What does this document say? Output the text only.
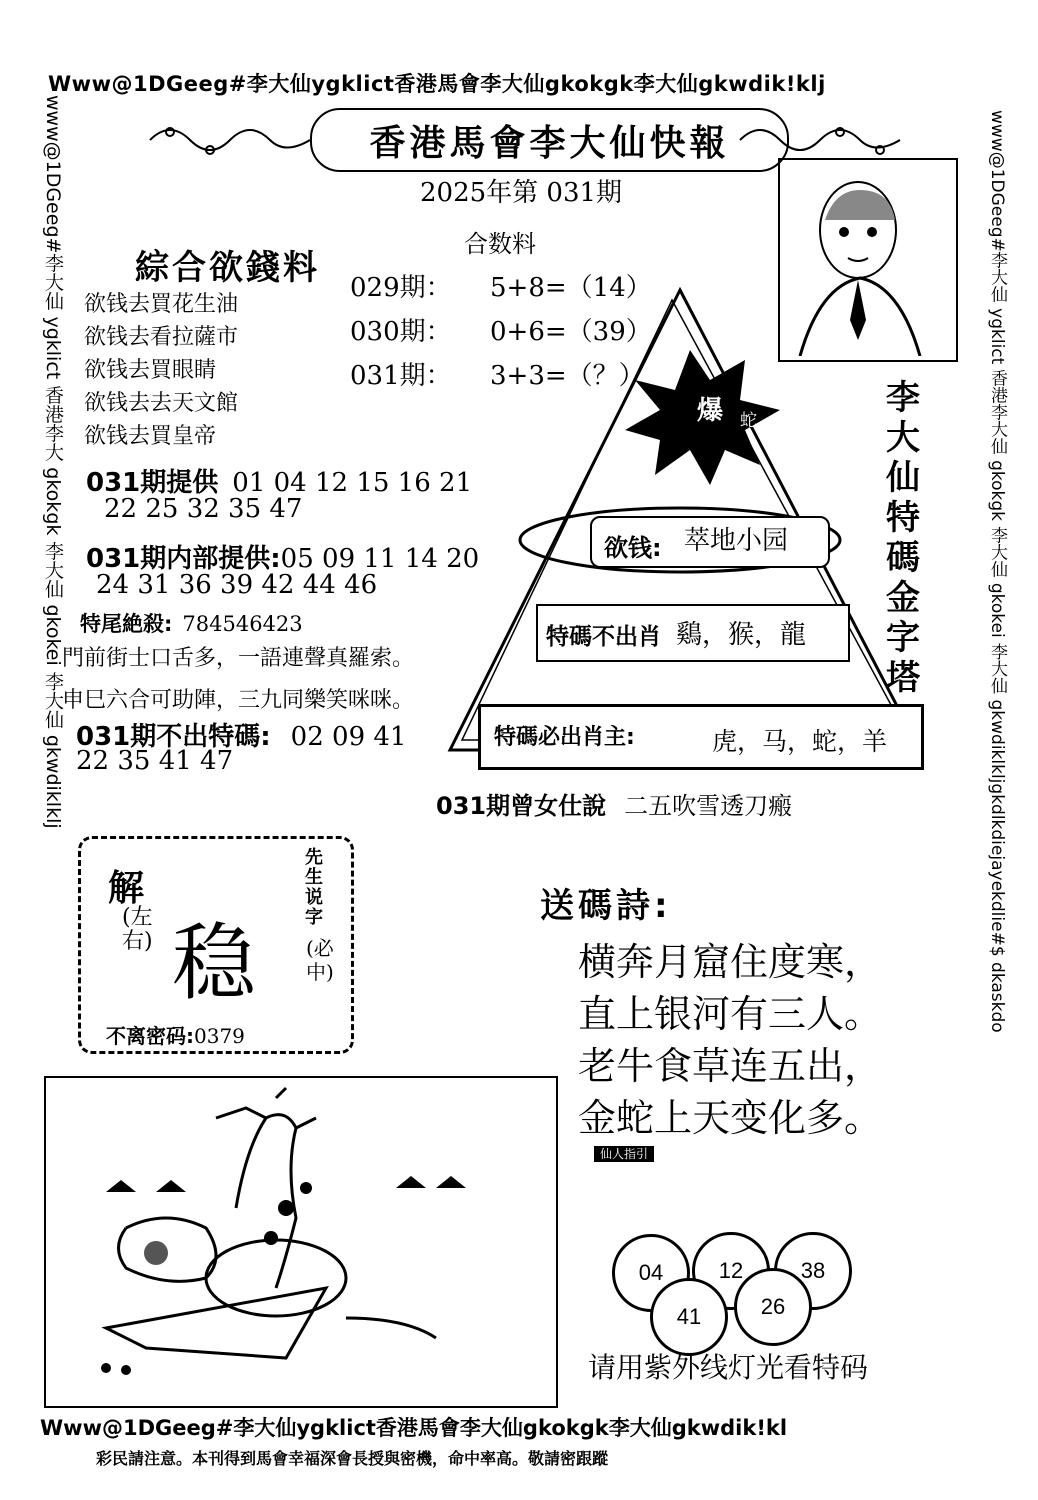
Www@1DGeeg#李大仙ygklict香港馬會李大仙gkokgk李大仙gkwdik!klj
www@1DGeeg#李大仙 ygklict 香港李大 gkokgk 李大仙 gkokei 李大仙 gkwdiklklj	www@1DGeeg#李大仙 ygklict 香港李大仙 gkokgk 李大仙 gkokei 李大仙 gkwdiklkljgkdlkdiejayekdlie#$ dkaskdo
香港馬會李大仙快報
2025年第 031期
合数料
029期： 5+8=（14）
030期： 0+6=（39）
031期： 3+3=（？）
綜合欲錢料
欲钱去買花生油
欲钱去看拉薩市
欲钱去買眼睛
欲钱去去天文館
欲钱去買皇帝
爆 蛇
李大仙特碼金字塔
欲钱: 萃地小园
特碼不出肖 鷄，猴，龍
特碼必出肖主:	虎，马，蛇，羊
031期提供 01 04 12 15 16 21
22 25 32 35 47
031期内部提供:05 09 11 14 20
24 31 36 39 42 44 46
特尾絶殺: 784546423
門前街士口舌多，一語連聲真羅索。
申巳六合可助陣，三九同樂笑咪咪。
031期不出特碼: 02 09 41
22 35 41 47
031期曾女仕說 二五吹雪透刀瘢
解
(左右) 稳
先生说字
(必中)
不离密码:0379
送碼詩:
横奔月窟住度寒，
直上银河有三人。
老牛食草连五出，
金蛇上天变化多。
仙人指引
04	12	38
41	26
请用紫外线灯光看特码
Www@1DGeeg#李大仙ygklict香港馬會李大仙gkokgk李大仙gkwdik!kl
彩民請注意。本刊得到馬會幸福深會長授與密機，命中率高。敬請密跟蹤
